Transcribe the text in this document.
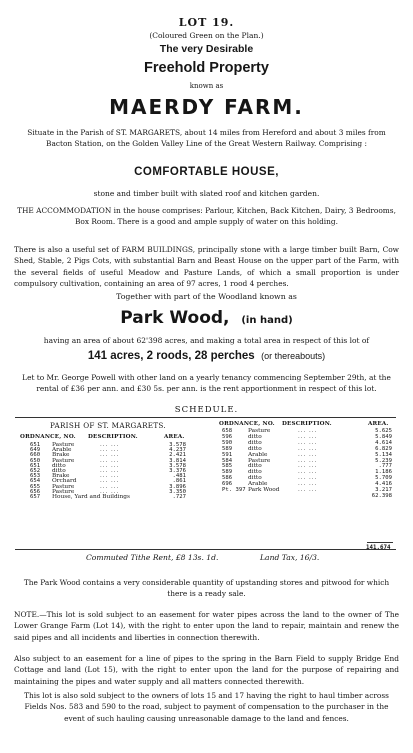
LOT 19.
(Coloured Green on the Plan.)
The very Desirable
Freehold Property
known as
MAERDY FARM.
Situate in the Parish of ST. MARGARETS, about 14 miles from Hereford and about 3 miles from Bacton Station, on the Golden Valley Line of the Great Western Railway. Comprising :
COMFORTABLE HOUSE,
stone and timber built with slated roof and kitchen garden.
THE ACCOMMODATION in the house comprises: Parlour, Kitchen, Back Kitchen, Dairy, 3 Bedrooms, Box Room. There is a good and ample supply of water on this holding.
There is also a useful set of FARM BUILDINGS, principally stone with a large timber built Barn, Cow Shed, Stable, 2 Pigs Cots, with substantial Barn and Beast House on the upper part of the Farm, with the several fields of useful Meadow and Pasture Lands, of which a small proportion is under compulsory cultivation, containing an area of 97 acres, 1 rood 4 perches.
Together with part of the Woodland known as
Park Wood, (in hand)
having an area of about 62'398 acres, and making a total area in respect of this lot of
141 acres, 2 roods, 28 perches (or thereabouts)
Let to Mr. George Powell with other land on a yearly tenancy commencing September 29th, at the rental of £36 per ann. and £30 5s. per ann. is the rent apportionment in respect of this lot.
SCHEDULE.
PARISH OF ST. MARGARETS.
ORDNANCE, NO. DESCRIPTION.	AREA.
ORDNANCE, NO. DESCRIPTION.	AREA.
651 Pasture	... ...	3.578
649 Arable	... ...	4.237
660 Brake	... ...	2.421
650 Pasture	... ...	3.814
651 ditto	... ...	3.578
652 ditto	... ...	3.376
653 Brake	... ...	.481
654 Orchard	... ...	.861
655 Pasture	... ...	3.896
656 Pasture	... ...	3.350
657 House, Yard and Buildings	.727
658	Pasture	... ...	5.625
596	ditto	... ...	5.849
590	ditto	... ...	4.614
589	ditto	... ...	6.829
591	Arable	... ...	5.134
584	Pasture	... ...	5.239
585	ditto	... ...	.777
589	ditto	... ...	1.186
586	ditto	... ...	5.709
696	Arable	... ...	4.416
Pt. 397 Park Wood	... ...	3.217
62.398
141.674
Commuted Tithe Rent, £8 13s. 1d.	Land Tax, 16/3.
The Park Wood contains a very considerable quantity of upstanding stores and pitwood for which there is a ready sale.
NOTE.—This lot is sold subject to an easement for water pipes across the land to the owner of The Lower Grange Farm (Lot 14), with the right to enter upon the land to repair, maintain and renew the said pipes and all incidents and liberties in connection therewith.
Also subject to an easement for a line of pipes to the spring in the Barn Field to supply Bridge End Cottage and land (Lot 15), with the right to enter upon the land for the purpose of repairing and maintaining the pipes and water supply and all matters connected therewith.
This lot is also sold subject to the owners of lots 15 and 17 having the right to haul timber across Fields Nos. 583 and 590 to the road, subject to payment of compensation to the purchaser in the event of such hauling causing unreasonable damage to the land and fences.
